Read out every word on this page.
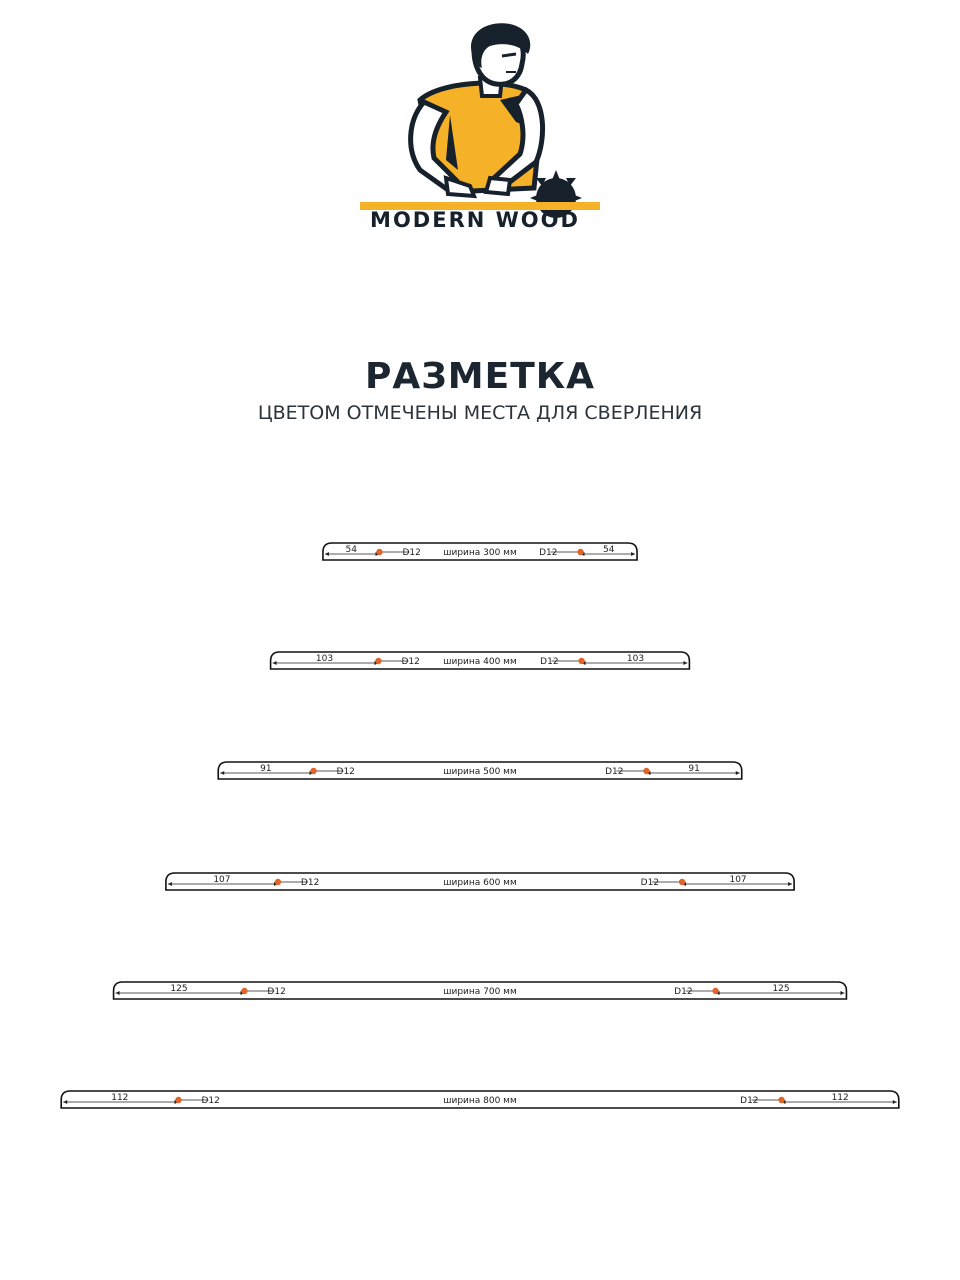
MODERN WOOD
РАЗМЕТКА

ЦВЕТОМ ОТМЕЧЕНЫ МЕСТА ДЛЯ СВЕРЛЕНИЯ

54	54
D12	D12
ширина 300 мм
103	103
D12	D12
ширина 400 мм
91	91
D12	D12
ширина 500 мм
107	107
D12	D12
ширина 600 мм
125	125
D12	D12
ширина 700 мм
112	112
D12	D12
ширина 800 мм
